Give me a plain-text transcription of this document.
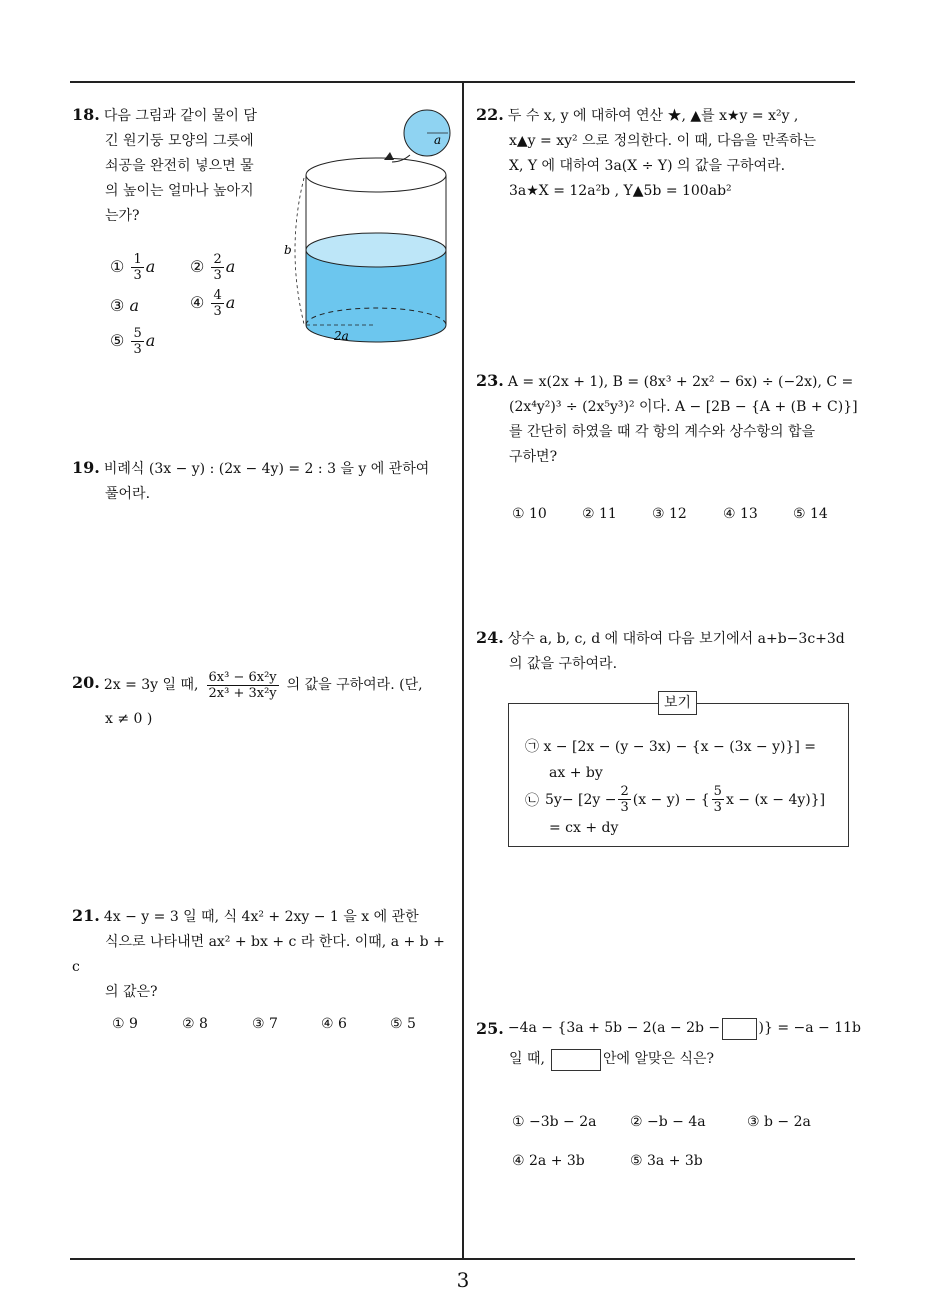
18. 다음 그림과 같이 물이 담
긴 원기둥 모양의 그릇에
쇠공을 완전히 넣으면 물
의 높이는 얼마나 높아지
는가?
① $\frac{1}{3}$ a ② $\frac{2}{3}$ a
③ a	④ $\frac{4}{3}$ a
⑤ $\frac{5}{3}$ a
a
2a
b
19. 비례식 (3x − y) : (2x − 4y) = 2 : 3 을 y 에 관하여
풀어라.
20. 2x = 3y 일 때, $\frac{\text{6x³ − 6x²y}}{\text{2x³ + 3x²y}}$ 의 값을 구하여라. (단,
x ≠ 0 )
21. 4x − y = 3 일 때, 식 4x² + 2xy − 1 을 x 에 관한
식으로 나타내면 ax² + bx + c 라 한다. 이때, a + b + c
의 값은?
① 9	② 8	③ 7	④ 6	⑤ 5
22. 두 수 x, y 에 대하여 연산 ★, ▲를 x★y = x²y ,
x▲y = xy² 으로 정의한다. 이 때, 다음을 만족하는
X, Y 에 대하여 3a(X ÷ Y) 의 값을 구하여라.
3a★X = 12a²b , Y▲5b = 100ab²
23. A = x(2x + 1), B = (8x³ + 2x² − 6x) ÷ (−2x), C =
(2x⁴y²)³ ÷ (2x⁵y³)² 이다. A − [2B − {A + (B + C)}]
를 간단히 하였을 때 각 항의 계수와 상수항의 합을
구하면?
① 10	② 11	③ 12	④ 13	⑤ 14
24. 상수 a, b, c, d 에 대하여 다음 보기에서 a+b−3c+3d
의 값을 구하여라.
보기
㉠ x − [2x − (y − 3x) − {x − (3x − y)}] =
ax + by
㉡ $5y- [2y - \frac{2}{3} (x - y)$ − { $\frac{5}{3}$ x − (x − 4y)}]
= cx + dy
25. −4a − {3a + 5b − 2(a − 2b −	)} = −a − 11b
일 때,	안에 알맞은 식은?
① −3b − 2a ② −b − 4a	③ b − 2a
④ 2a + 3b	⑤ 3a + 3b
3
